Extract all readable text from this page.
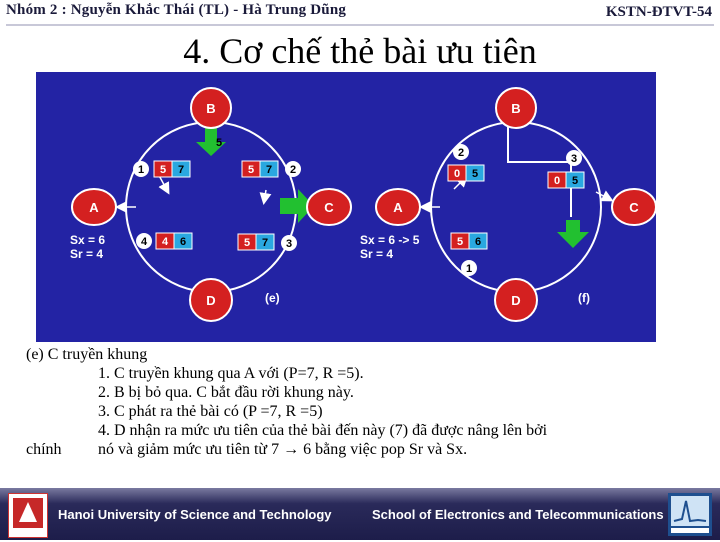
Nhóm 2 : Nguyễn Khắc Thái (TL) - Hà Trung Dũng	KSTN-ĐTVT-54
4. Cơ chế thẻ bài ưu tiên
5
B
A	C
D
1	2
3
4
5 7	5 7
5 7
4 6
Sx = 6
Sr = 4
(e)
B
A	C
D
2	3
1
0 5
0 5
5 6
Sx = 6 -> 5
Sr = 4
(f)
(e) C truyền khung
1. C truyền khung qua A với (P=7, R =5).
2. B bị bỏ qua. C bắt đầu rời khung này.
3. C phát ra thẻ bài có (P =7, R =5)
4. D nhận ra mức ưu tiên của thẻ bài đến này (7) đã được nâng lên bởi
chính nó và giảm mức ưu tiên từ 7 → 6 bằng việc pop Sr và Sx.
Hanoi University of Science and Technology	School of Electronics and Telecommunications
